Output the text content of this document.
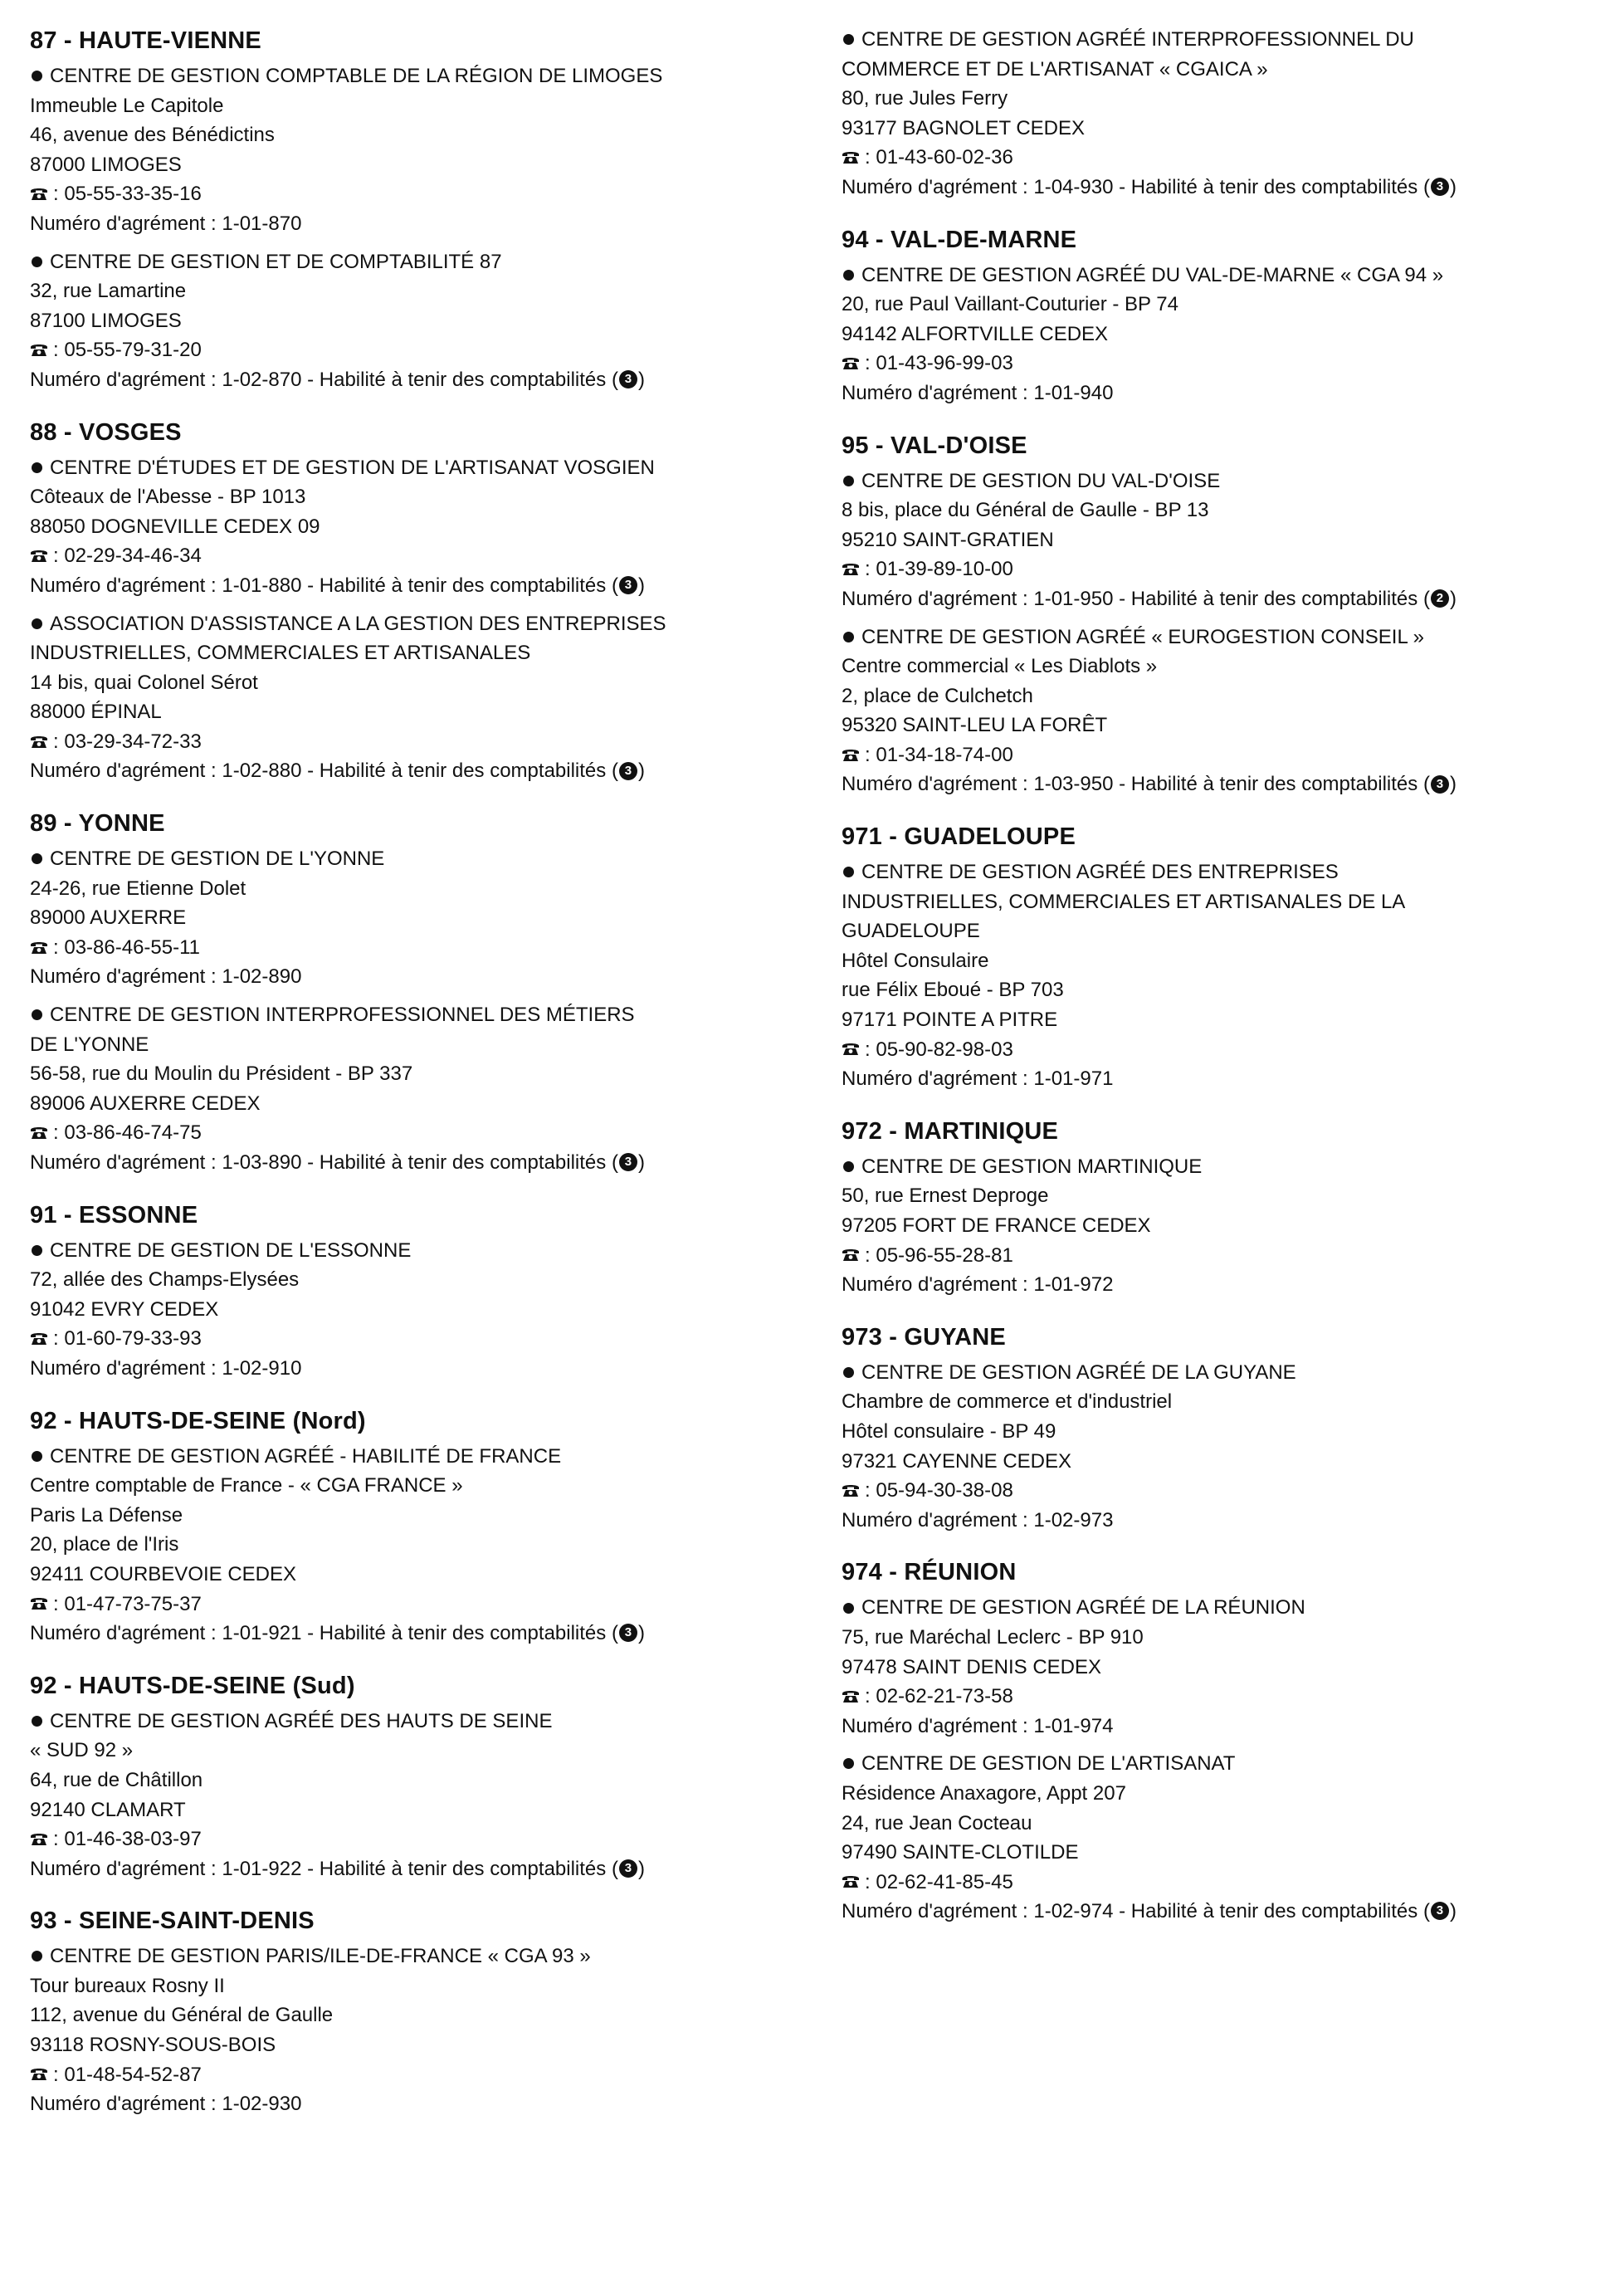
87 - HAUTE-VIENNE
CENTRE DE GESTION COMPTABLE DE LA RÉGION DE LIMOGES
Immeuble Le Capitole
46, avenue des Bénédictins
87000 LIMOGES
: 05-55-33-35-16
Numéro d'agrément : 1-01-870
CENTRE DE GESTION ET DE COMPTABILITÉ 87
32, rue Lamartine
87100 LIMOGES
: 05-55-79-31-20
Numéro d'agrément : 1-02-870 - Habilité à tenir des comptabilités ( 3 )
88 - VOSGES
CENTRE D'ÉTUDES ET DE GESTION DE L'ARTISANAT VOSGIEN
Côteaux de l'Abesse - BP 1013
88050 DOGNEVILLE CEDEX 09
: 02-29-34-46-34
Numéro d'agrément : 1-01-880 - Habilité à tenir des comptabilités ( 3 )
ASSOCIATION D'ASSISTANCE A LA GESTION DES ENTREPRISES
INDUSTRIELLES, COMMERCIALES ET ARTISANALES
14 bis, quai Colonel Sérot
88000 ÉPINAL
: 03-29-34-72-33
Numéro d'agrément : 1-02-880 - Habilité à tenir des comptabilités ( 3 )
89 - YONNE
CENTRE DE GESTION DE L'YONNE
24-26, rue Etienne Dolet
89000 AUXERRE
: 03-86-46-55-11
Numéro d'agrément : 1-02-890
CENTRE DE GESTION INTERPROFESSIONNEL DES MÉTIERS
DE L'YONNE
56-58, rue du Moulin du Président - BP 337
89006 AUXERRE CEDEX
: 03-86-46-74-75
Numéro d'agrément : 1-03-890 - Habilité à tenir des comptabilités ( 3 )
91 - ESSONNE
CENTRE DE GESTION DE L'ESSONNE
72, allée des Champs-Elysées
91042 EVRY CEDEX
: 01-60-79-33-93
Numéro d'agrément : 1-02-910
92 - HAUTS-DE-SEINE (Nord)
CENTRE DE GESTION AGRÉÉ - HABILITÉ DE FRANCE
Centre comptable de France - « CGA FRANCE »
Paris La Défense
20, place de l'Iris
92411 COURBEVOIE CEDEX
: 01-47-73-75-37
Numéro d'agrément : 1-01-921 - Habilité à tenir des comptabilités ( 3 )
92 - HAUTS-DE-SEINE (Sud)
CENTRE DE GESTION AGRÉÉ DES HAUTS DE SEINE
« SUD 92 »
64, rue de Châtillon
92140 CLAMART
: 01-46-38-03-97
Numéro d'agrément : 1-01-922 - Habilité à tenir des comptabilités ( 3 )
93 - SEINE-SAINT-DENIS
CENTRE DE GESTION PARIS/ILE-DE-FRANCE « CGA 93 »
Tour bureaux Rosny II
112, avenue du Général de Gaulle
93118 ROSNY-SOUS-BOIS
: 01-48-54-52-87
Numéro d'agrément : 1-02-930
CENTRE DE GESTION AGRÉÉ INTERPROFESSIONNEL DU
COMMERCE ET DE L'ARTISANAT « CGAICA »
80, rue Jules Ferry
93177 BAGNOLET CEDEX
: 01-43-60-02-36
Numéro d'agrément : 1-04-930 - Habilité à tenir des comptabilités ( 3 )
94 - VAL-DE-MARNE
CENTRE DE GESTION AGRÉÉ DU VAL-DE-MARNE « CGA 94 »
20, rue Paul Vaillant-Couturier - BP 74
94142 ALFORTVILLE CEDEX
: 01-43-96-99-03
Numéro d'agrément : 1-01-940
95 - VAL-D'OISE
CENTRE DE GESTION DU VAL-D'OISE
8 bis, place du Général de Gaulle - BP 13
95210 SAINT-GRATIEN
: 01-39-89-10-00
Numéro d'agrément : 1-01-950 - Habilité à tenir des comptabilités ( 2 )
CENTRE DE GESTION AGRÉÉ « EUROGESTION CONSEIL »
Centre commercial « Les Diablots »
2, place de Culchetch
95320 SAINT-LEU LA FORÊT
: 01-34-18-74-00
Numéro d'agrément : 1-03-950 - Habilité à tenir des comptabilités ( 3 )
971 - GUADELOUPE
CENTRE DE GESTION AGRÉÉ DES ENTREPRISES
INDUSTRIELLES, COMMERCIALES ET ARTISANALES DE LA
GUADELOUPE
Hôtel Consulaire
rue Félix Eboué - BP 703
97171 POINTE A PITRE
: 05-90-82-98-03
Numéro d'agrément : 1-01-971
972 - MARTINIQUE
CENTRE DE GESTION MARTINIQUE
50, rue Ernest Deproge
97205 FORT DE FRANCE CEDEX
: 05-96-55-28-81
Numéro d'agrément : 1-01-972
973 - GUYANE
CENTRE DE GESTION AGRÉÉ DE LA GUYANE
Chambre de commerce et d'industriel
Hôtel consulaire - BP 49
97321 CAYENNE CEDEX
: 05-94-30-38-08
Numéro d'agrément : 1-02-973
974 - RÉUNION
CENTRE DE GESTION AGRÉÉ DE LA RÉUNION
75, rue Maréchal Leclerc - BP 910
97478 SAINT DENIS CEDEX
: 02-62-21-73-58
Numéro d'agrément : 1-01-974
CENTRE DE GESTION DE L'ARTISANAT
Résidence Anaxagore, Appt 207
24, rue Jean Cocteau
97490 SAINTE-CLOTILDE
: 02-62-41-85-45
Numéro d'agrément : 1-02-974 - Habilité à tenir des comptabilités ( 3 )
